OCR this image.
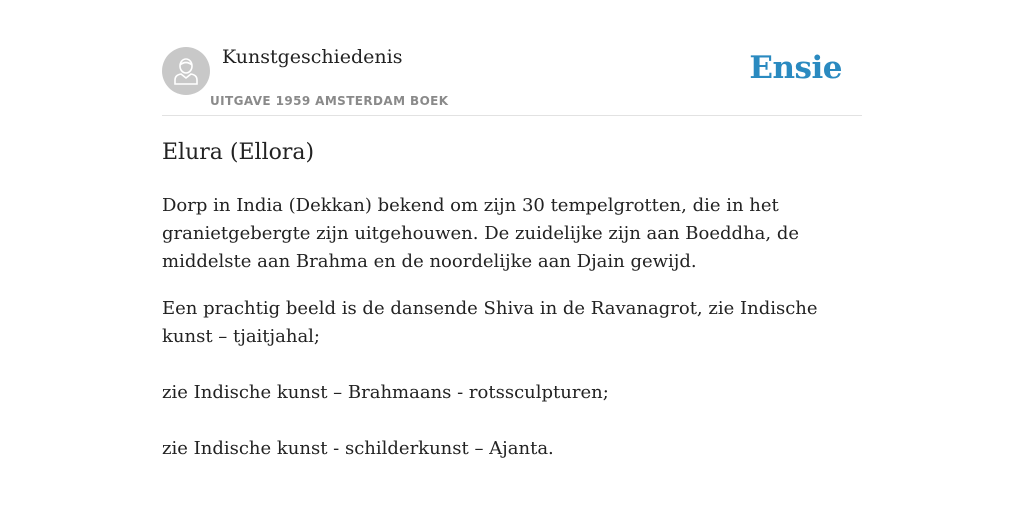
Kunstgeschiedenis
UITGAVE 1959 AMSTERDAM BOEK
Ensie
Elura (Ellora)

Dorp in India (Dekkan) bekend om zijn 30 tempelgrotten, die in het granietgebergte zijn uitgehouwen. De zuidelijke zijn aan Boeddha, de middelste aan Brahma en de noordelijke aan Djain gewijd.

Een prachtig beeld is de dansende Shiva in de Ravanagrot, zie Indische kunst – tjaitjahal;

zie Indische kunst – Brahmaans - rotssculpturen;

zie Indische kunst - schilderkunst – Ajanta.
